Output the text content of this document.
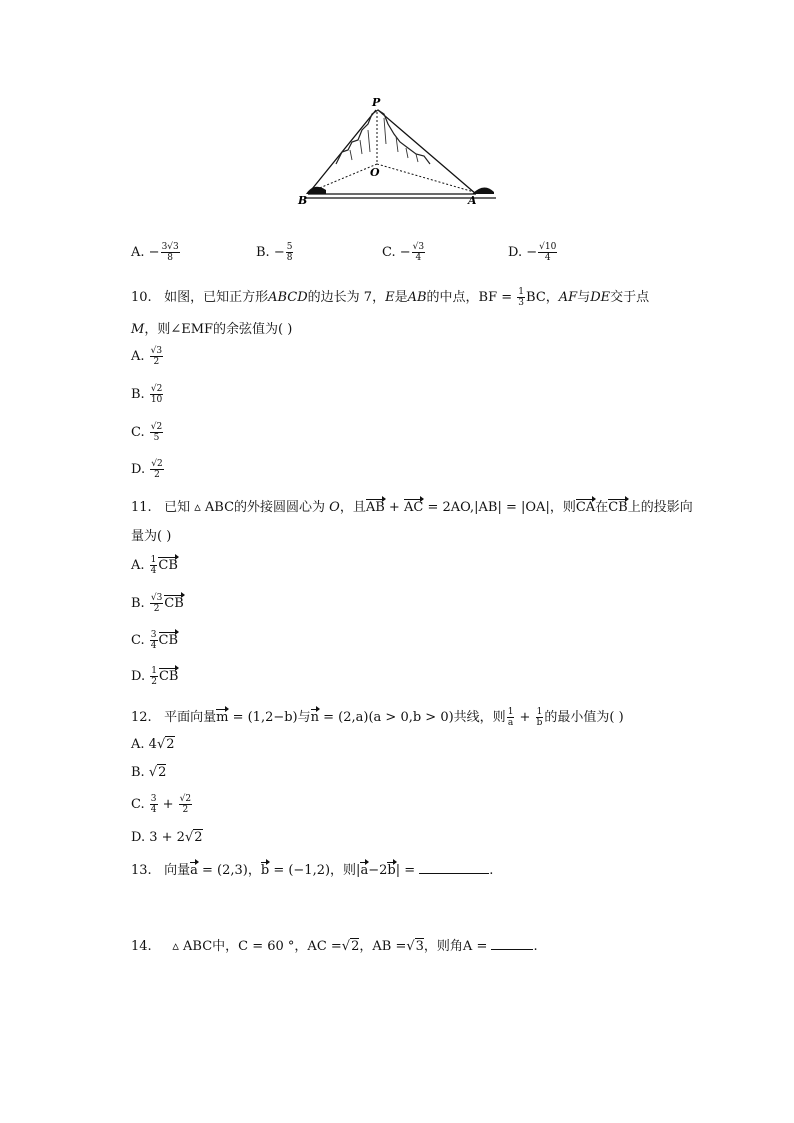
P
O
B	A
A. − $\frac{3√3}{8}$	B. − $\frac{5}{8}$	C. − $\frac{√3}{4}$	D. − $\frac{√10}{4}$
10. 如图，已知正方形ABCD的边长为 7，E是AB的中点，BF = $\frac{1}{3}$ BC，AF与DE交于点
M，则∠EMF的余弦值为( )
A. $\frac{√3}{2}$
B. $\frac{√2}{10}$
C. $\frac{√2}{5}$
D. $\frac{√2}{2}$
11. 已知 ▵ ABC的外接圆圆心为 O，且AB + AC = 2AO,|AB| = |OA|，则CA在CB上的投影向
量为( )
A. $\frac{1}{4}$ CB
B. $\frac{√3}{2}$ CB
C. $\frac{3}{4}$ CB
D. $\frac{1}{2}$ CB
12. 平面向量m = (1,2−b)与n = (2,a)(a > 0,b > 0)共线，则 $\frac{1}{a} + \frac{1}{b}$ 的最小值为( )
A. 4√2
B. √2
C. $\frac{3}{4} + \frac{√2}{2}$
D. 3 + 2√2
13. 向量a = (2,3)，b = (−1,2)，则|a−2b| =	.
14. ▵ ABC中，C = 60 °，AC =√2，AB =√3，则角A =	.
